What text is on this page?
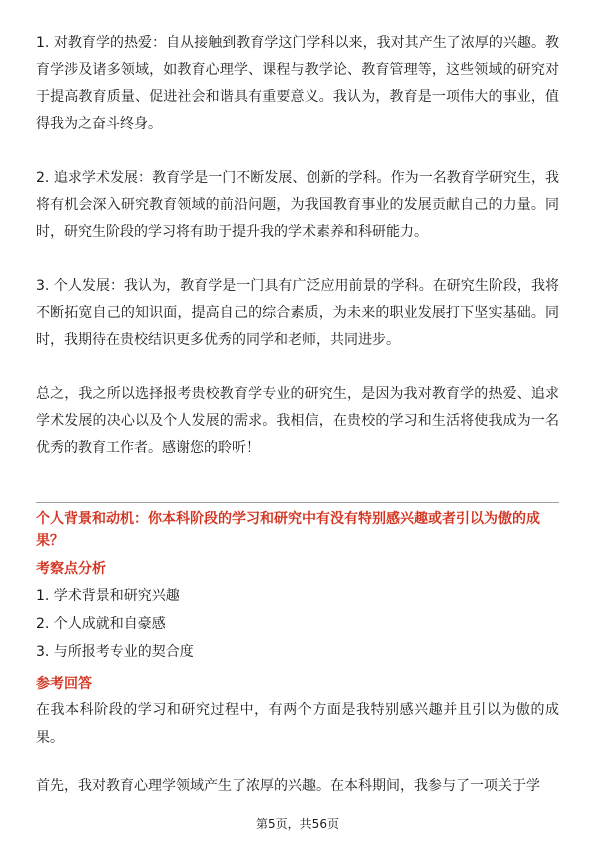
1. 对教育学的热爱：自从接触到教育学这门学科以来，我对其产生了浓厚的兴趣。教育学涉及诸多领域，如教育心理学、课程与教学论、教育管理等，这些领域的研究对于提高教育质量、促进社会和谐具有重要意义。我认为，教育是一项伟大的事业，值得我为之奋斗终身。

2. 追求学术发展：教育学是一门不断发展、创新的学科。作为一名教育学研究生，我将有机会深入研究教育领域的前沿问题，为我国教育事业的发展贡献自己的力量。同时，研究生阶段的学习将有助于提升我的学术素养和科研能力。

3. 个人发展：我认为，教育学是一门具有广泛应用前景的学科。在研究生阶段，我将不断拓宽自己的知识面，提高自己的综合素质，为未来的职业发展打下坚实基础。同时，我期待在贵校结识更多优秀的同学和老师，共同进步。

总之，我之所以选择报考贵校教育学专业的研究生，是因为我对教育学的热爱、追求学术发展的决心以及个人发展的需求。我相信，在贵校的学习和生活将使我成为一名优秀的教育工作者。感谢您的聆听！

个人背景和动机：你本科阶段的学习和研究中有没有特别感兴趣或者引以为傲的成果？

考察点分析

1. 学术背景和研究兴趣

2. 个人成就和自豪感

3. 与所报考专业的契合度

参考回答

在我本科阶段的学习和研究过程中，有两个方面是我特别感兴趣并且引以为傲的成果。

首先，我对教育心理学领域产生了浓厚的兴趣。在本科期间，我参与了一项关于学

第5页，共56页
